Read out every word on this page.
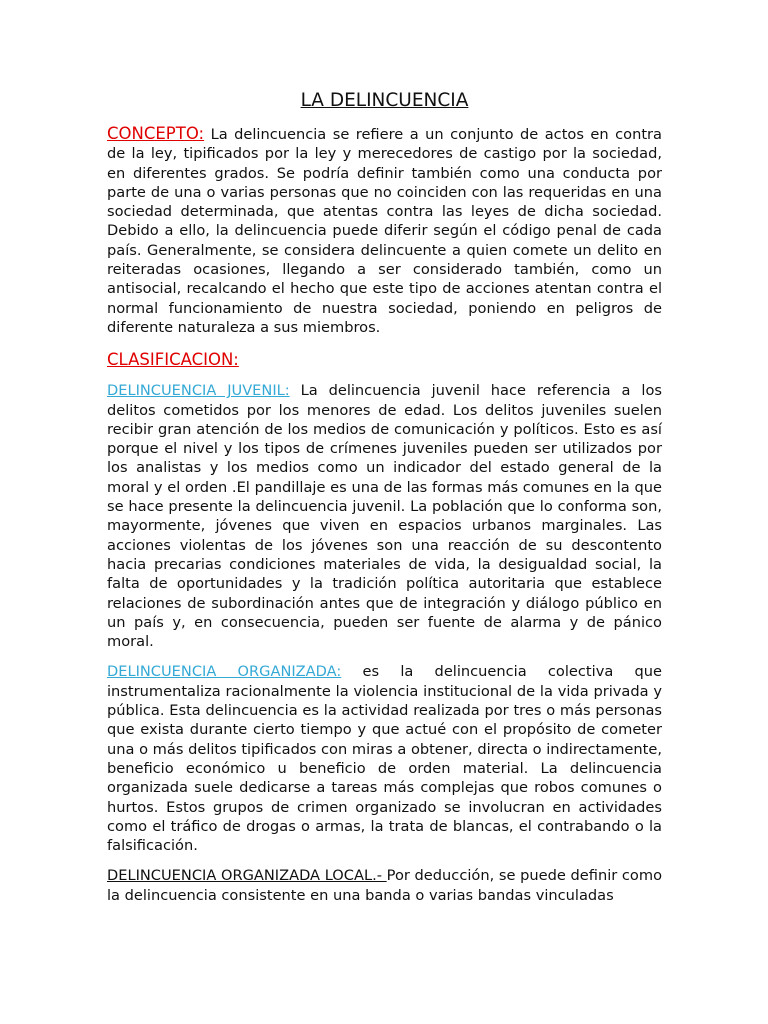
LA DELINCUENCIA

CONCEPTO: La delincuencia se refiere a un conjunto de actos en contra de la ley, tipificados por la ley y merecedores de castigo por la sociedad, en diferentes grados. Se podría definir también como una conducta por parte de una o varias personas que no coinciden con las requeridas en una sociedad determinada, que atentas contra las leyes de dicha sociedad. Debido a ello, la delincuencia puede diferir según el código penal de cada país. Generalmente, se considera delincuente a quien comete un delito en reiteradas ocasiones, llegando a ser considerado también, como un antisocial, recalcando el hecho que este tipo de acciones atentan contra el normal funcionamiento de nuestra sociedad, poniendo en peligros de diferente naturaleza a sus miembros.

CLASIFICACION:

DELINCUENCIA JUVENIL: La delincuencia juvenil hace referencia a los delitos cometidos por los menores de edad. Los delitos juveniles suelen recibir gran atención de los medios de comunicación y políticos. Esto es así porque el nivel y los tipos de crímenes juveniles pueden ser utilizados por los analistas y los medios como un indicador del estado general de la moral y el orden .El pandillaje es una de las formas más comunes en la que se hace presente la delincuencia juvenil. La población que lo conforma son, mayormente, jóvenes que viven en espacios urbanos marginales. Las acciones violentas de los jóvenes son una reacción de su descontento hacia precarias condiciones materiales de vida, la desigualdad social, la falta de oportunidades y la tradición política autoritaria que establece relaciones de subordinación antes que de integración y diálogo público en un país y, en consecuencia, pueden ser fuente de alarma y de pánico moral.

DELINCUENCIA ORGANIZADA: es la delincuencia colectiva que instrumentaliza racionalmente la violencia institucional de la vida privada y pública. Esta delincuencia es la actividad realizada por tres o más personas que exista durante cierto tiempo y que actué con el propósito de cometer una o más delitos tipificados con miras a obtener, directa o indirectamente, beneficio económico u beneficio de orden material. La delincuencia organizada suele dedicarse a tareas más complejas que robos comunes o hurtos. Estos grupos de crimen organizado se involucran en actividades como el tráfico de drogas o armas, la trata de blancas, el contrabando o la falsificación.

DELINCUENCIA ORGANIZADA LOCAL.- Por deducción, se puede definir como la delincuencia consistente en una banda o varias bandas vinculadas
